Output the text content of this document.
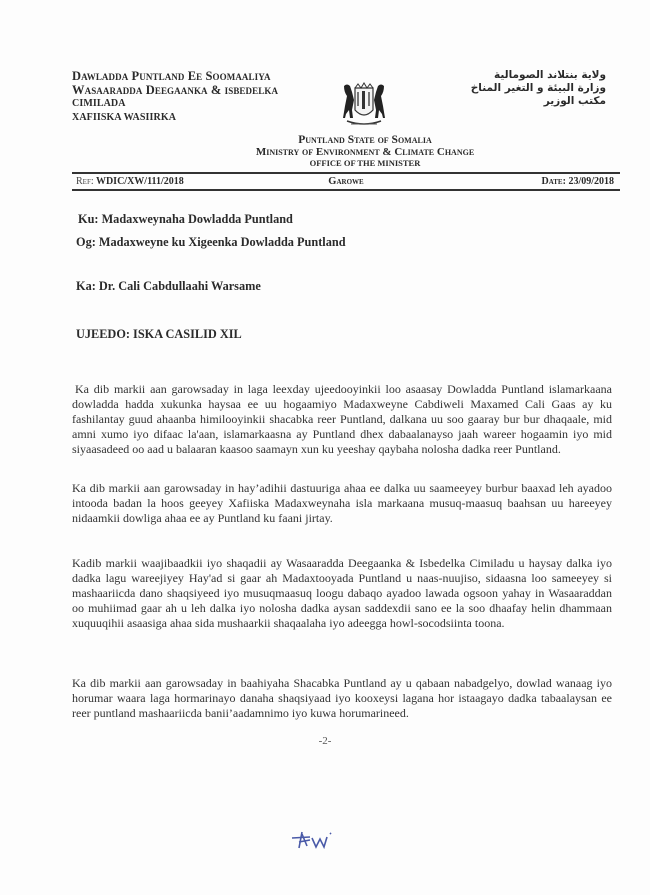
Dawladda Puntland Ee Soomaaliya
Wasaaradda Deegaanka & isbedelka
CIMILADA
XAFIISKA WASIIRKA
ولاية بنتلاند الصومالية
وزارة البيئة و التغير المناخ
مكتب الوزير
Puntland State of Somalia
Ministry of Environment & Climate Change
OFFICE OF THE MINISTER
Ref: WDIC/XW/111/2018	Garowe	Date: 23/09/2018
Ku: Madaxweynaha Dowladda Puntland
Og: Madaxweyne ku Xigeenka Dowladda Puntland
Ka: Dr. Cali Cabdullaahi Warsame
UJEEDO: ISKA CASILID XIL

Ka dib markii aan garowsaday in laga leexday ujeedooyinkii loo asaasay Dowladda Puntland islamarkaana dowladda hadda xukunka haysaa ee uu hogaamiyo Madaxweyne Cabdiweli Maxamed Cali Gaas ay ku fashilantay guud ahaanba himilooyinkii shacabka reer Puntland, dalkana uu soo gaaray bur bur dhaqaale, mid amni xumo iyo difaac la'aan, islamarkaasna ay Puntland dhex dabaalanayso jaah wareer hogaamin iyo mid siyaasadeed oo aad u balaaran kaasoo saamayn xun ku yeeshay qaybaha nolosha dadka reer Puntland.

Ka dib markii aan garowsaday in hay’adihii dastuuriga ahaa ee dalka uu saameeyey burbur baaxad leh ayadoo intooda badan la hoos geeyey Xafiiska Madaxweynaha isla markaana musuq-maasuq baahsan uu hareeyey nidaamkii dowliga ahaa ee ay Puntland ku faani jirtay.

Kadib markii waajibaadkii iyo shaqadii ay Wasaaradda Deegaanka & Isbedelka Cimiladu u haysay dalka iyo dadka lagu wareejiyey Hay'ad si gaar ah Madaxtooyada Puntland u naas-nuujiso, sidaasna loo sameeyey si mashaariicda dano shaqsiyeed iyo musuqmaasuq loogu dabaqo ayadoo lawada ogsoon yahay in Wasaaraddan oo muhiimad gaar ah u leh dalka iyo nolosha dadka aysan saddexdii sano ee la soo dhaafay helin dhammaan xuquuqihii asaasiga ahaa sida mushaarkii shaqaalaha iyo adeegga howl-socodsiinta toona.

Ka dib markii aan garowsaday in baahiyaha Shacabka Puntland ay u qabaan nabadgelyo, dowlad wanaag iyo horumar waara laga hormarinayo danaha shaqsiyaad iyo kooxeysi lagana hor istaagayo dadka tabaalaysan ee reer puntland mashaariicda banii’aadamnimo iyo kuwa horumarineed.

-2-
